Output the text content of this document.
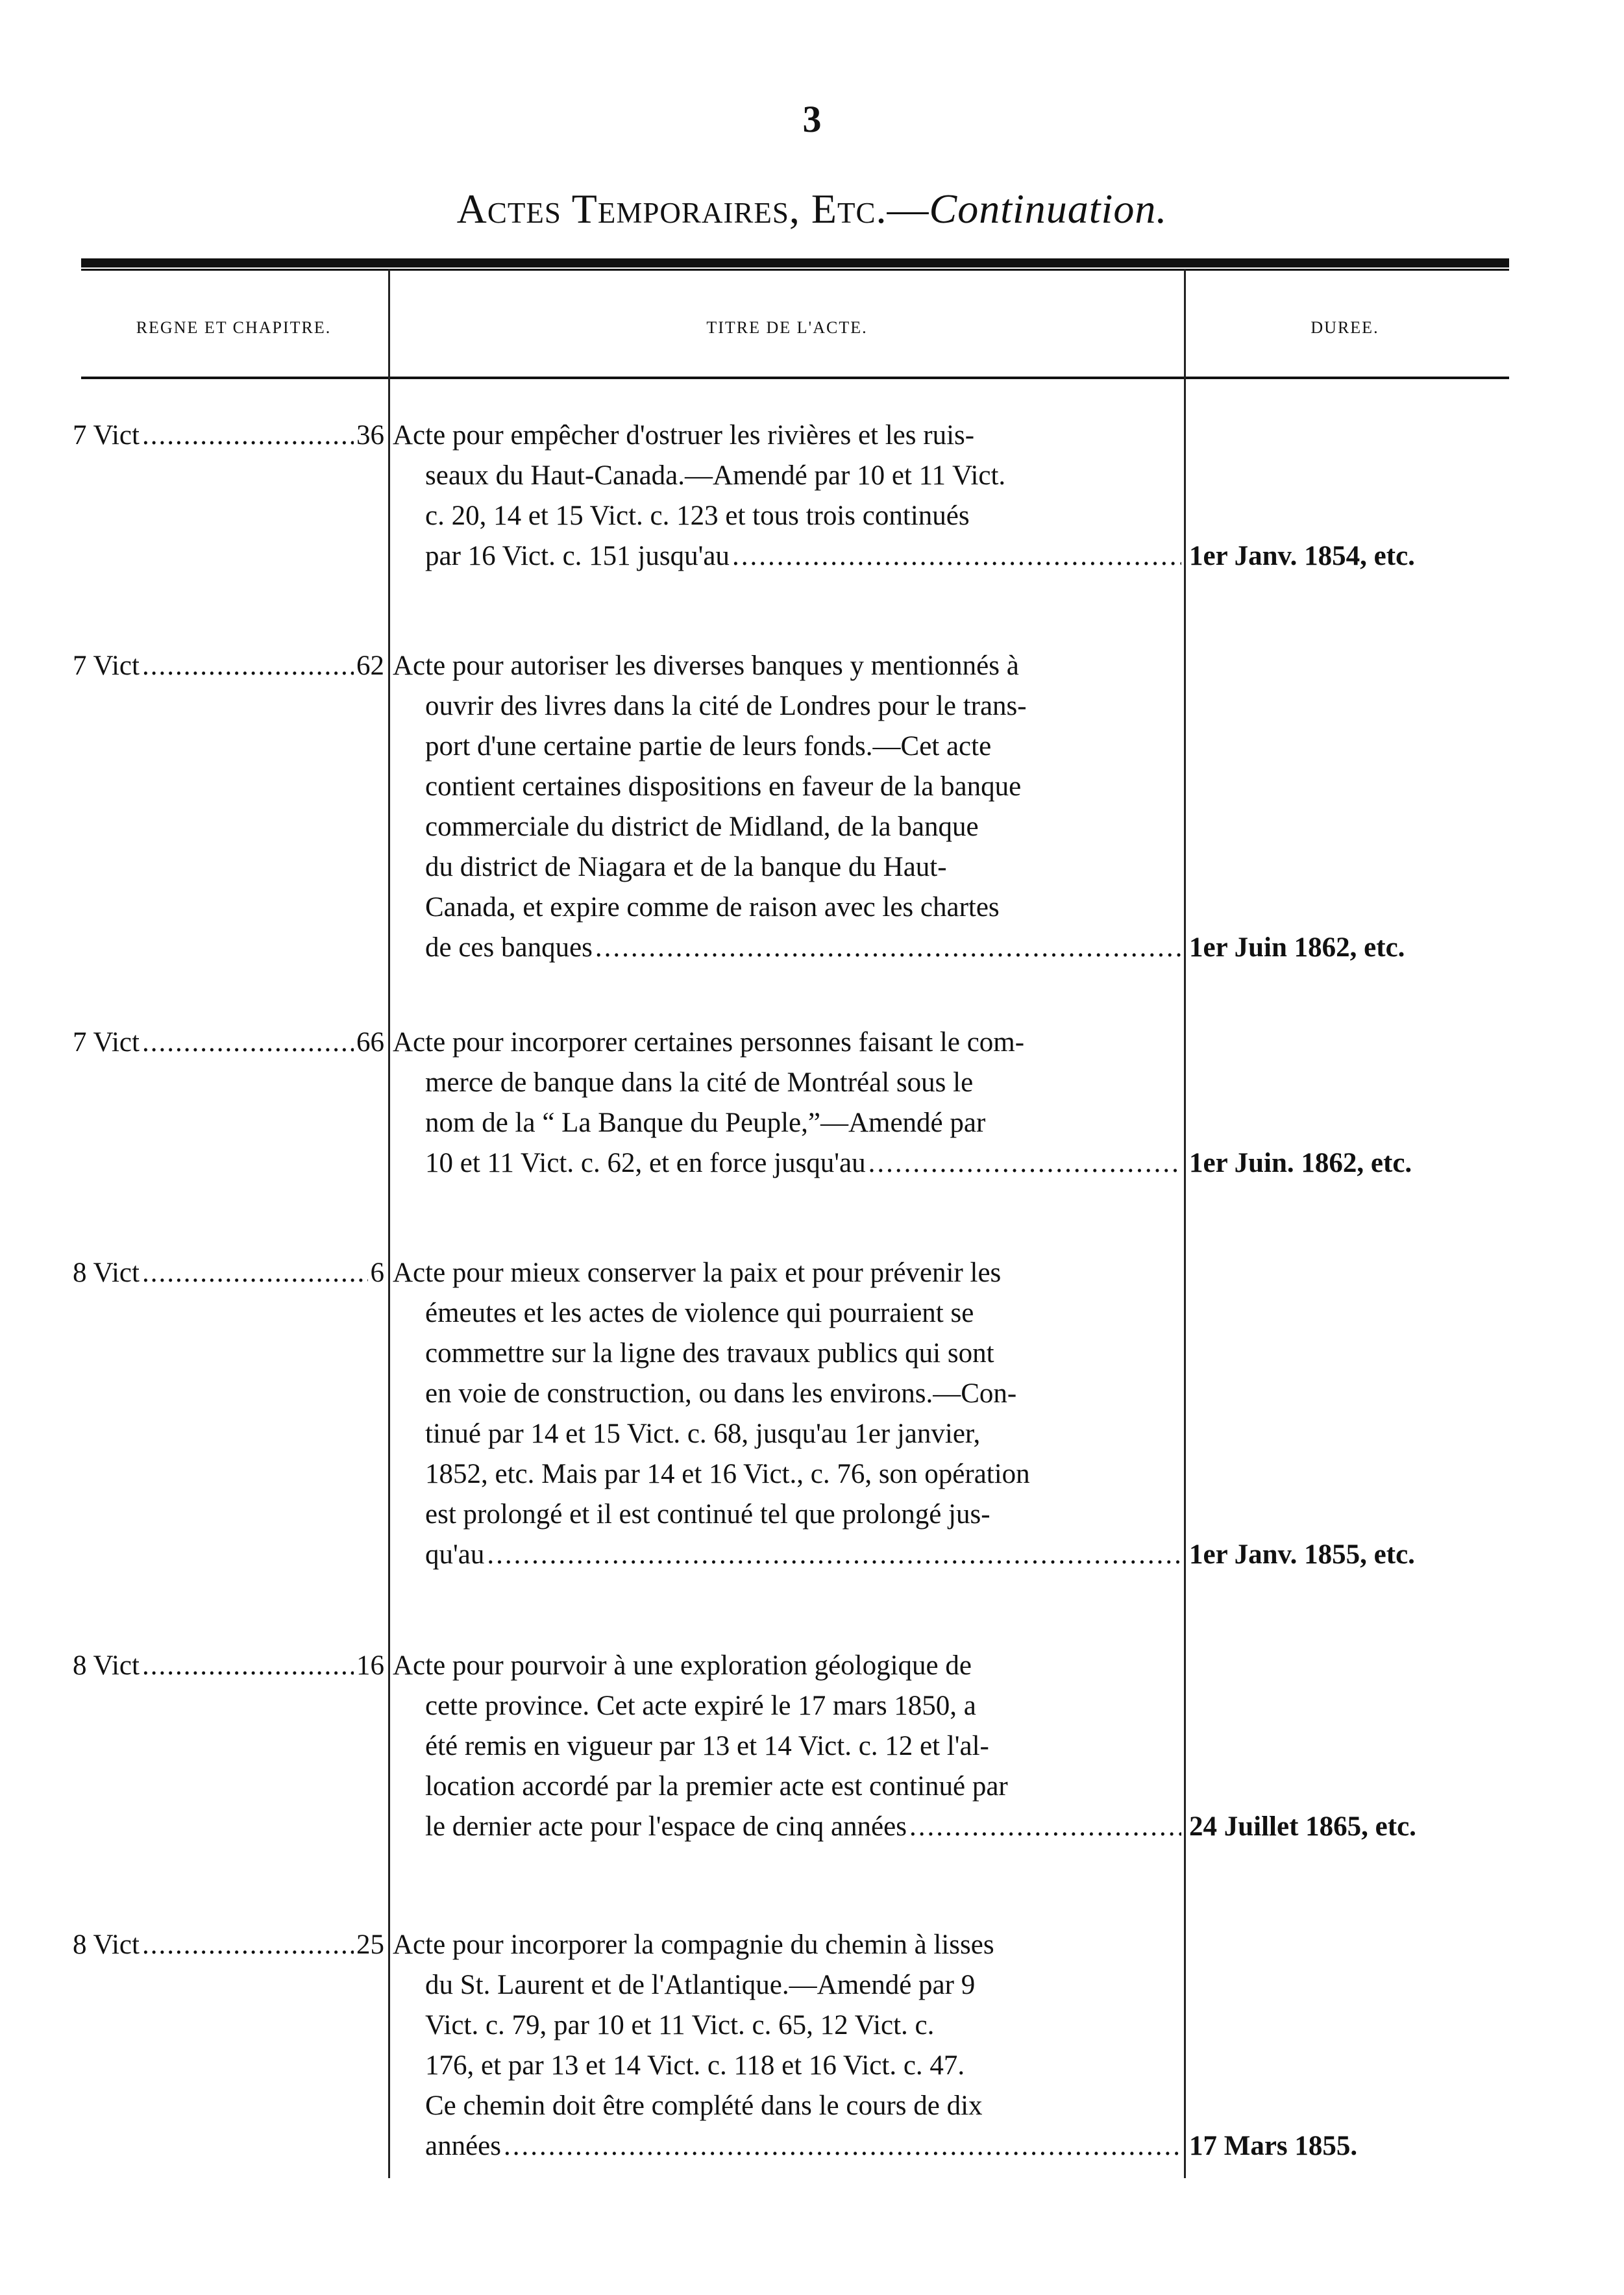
3
Actes Temporaires, Etc.—Continuation.
REGNE ET CHAPITRE.	TITRE DE L'ACTE.	DUREE.
7 Vict .....	36 Acte pour empêcher d'ostruer les rivières et les ruis-
seaux du Haut-Canada.—Amendé par 10 et 11 Vict.
c. 20, 14 et 15 Vict. c. 123 et tous trois continués
par 16 Vict. c. 151 jusqu'au .....	1er Janv. 1854, etc.
7 Vict .....	62 Acte pour autoriser les diverses banques y mentionnés à
ouvrir des livres dans la cité de Londres pour le trans-
port d'une certaine partie de leurs fonds.—Cet acte
contient certaines dispositions en faveur de la banque
commerciale du district de Midland, de la banque
du district de Niagara et de la banque du Haut-
Canada, et expire comme de raison avec les chartes
de ces banques .....	1er Juin 1862, etc.
7 Vict .....	66 Acte pour incorporer certaines personnes faisant le com-
merce de banque dans la cité de Montréal sous le
nom de la “ La Banque du Peuple,”—Amendé par
10 et 11 Vict. c. 62, et en force jusqu'au .....	1er Juin. 1862, etc.
8 Vict .....	6 Acte pour mieux conserver la paix et pour prévenir les
émeutes et les actes de violence qui pourraient se
commettre sur la ligne des travaux publics qui sont
en voie de construction, ou dans les environs.—Con-
tinué par 14 et 15 Vict. c. 68, jusqu'au 1er janvier,
1852, etc. Mais par 14 et 16 Vict., c. 76, son opération
est prolongé et il est continué tel que prolongé jus-
qu'au .....	1er Janv. 1855, etc.
8 Vict .....	16 Acte pour pourvoir à une exploration géologique de
cette province. Cet acte expiré le 17 mars 1850, a
été remis en vigueur par 13 et 14 Vict. c. 12 et l'al-
location accordé par la premier acte est continué par
le dernier acte pour l'espace de cinq années .....	24 Juillet 1865, etc.
8 Vict .....	25 Acte pour incorporer la compagnie du chemin à lisses
du St. Laurent et de l'Atlantique.—Amendé par 9
Vict. c. 79, par 10 et 11 Vict. c. 65, 12 Vict. c.
176, et par 13 et 14 Vict. c. 118 et 16 Vict. c. 47.
Ce chemin doit être complété dans le cours de dix
années .....	17 Mars 1855.
